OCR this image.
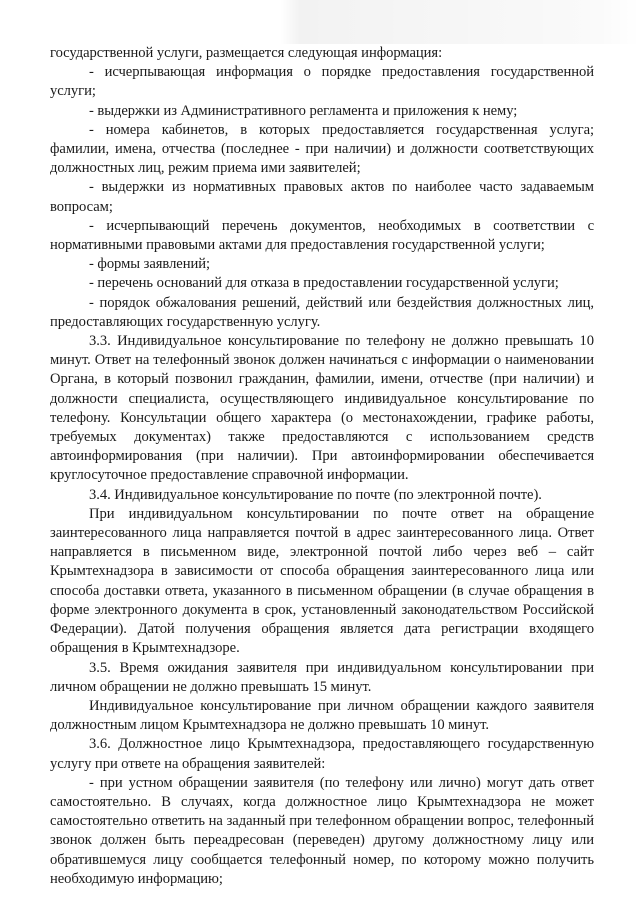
государственной услуги, размещается следующая информация:

- исчерпывающая информация о порядке предоставления государственной услуги;

- выдержки из Административного регламента и приложения к нему;

- номера кабинетов, в которых предоставляется государственная услуга; фамилии, имена, отчества (последнее - при наличии) и должности соответствующих должностных лиц, режим приема ими заявителей;

- выдержки из нормативных правовых актов по наиболее часто задаваемым вопросам;

- исчерпывающий перечень документов, необходимых в соответствии с нормативными правовыми актами для предоставления государственной услуги;

- формы заявлений;

- перечень оснований для отказа в предоставлении государственной услуги;

- порядок обжалования решений, действий или бездействия должностных лиц, предоставляющих государственную услугу.

3.3. Индивидуальное консультирование по телефону не должно превышать 10 минут. Ответ на телефонный звонок должен начинаться с информации о наименовании Органа, в который позвонил гражданин, фамилии, имени, отчестве (при наличии) и должности специалиста, осуществляющего индивидуальное консультирование по телефону. Консультации общего характера (о местонахождении, графике работы, требуемых документах) также предоставляются с использованием средств автоинформирования (при наличии). При автоинформировании обеспечивается круглосуточное предоставление справочной информации.

3.4. Индивидуальное консультирование по почте (по электронной почте).

При индивидуальном консультировании по почте ответ на обращение заинтересованного лица направляется почтой в адрес заинтересованного лица. Ответ направляется в письменном виде, электронной почтой либо через веб – сайт Крымтехнадзора в зависимости от способа обращения заинтересованного лица или способа доставки ответа, указанного в письменном обращении (в случае обращения в форме электронного документа в срок, установленный законодательством Российской Федерации). Датой получения обращения является дата регистрации входящего обращения в Крымтехнадзоре.

3.5. Время ожидания заявителя при индивидуальном консультировании при личном обращении не должно превышать 15 минут.

Индивидуальное консультирование при личном обращении каждого заявителя должностным лицом Крымтехнадзора не должно превышать 10 минут.

3.6. Должностное лицо Крымтехнадзора, предоставляющего государственную услугу при ответе на обращения заявителей:

- при устном обращении заявителя (по телефону или лично) могут дать ответ самостоятельно. В случаях, когда должностное лицо Крымтехнадзора не может самостоятельно ответить на заданный при телефонном обращении вопрос, телефонный звонок должен быть переадресован (переведен) другому должностному лицу или обратившемуся лицу сообщается телефонный номер, по которому можно получить необходимую информацию;
